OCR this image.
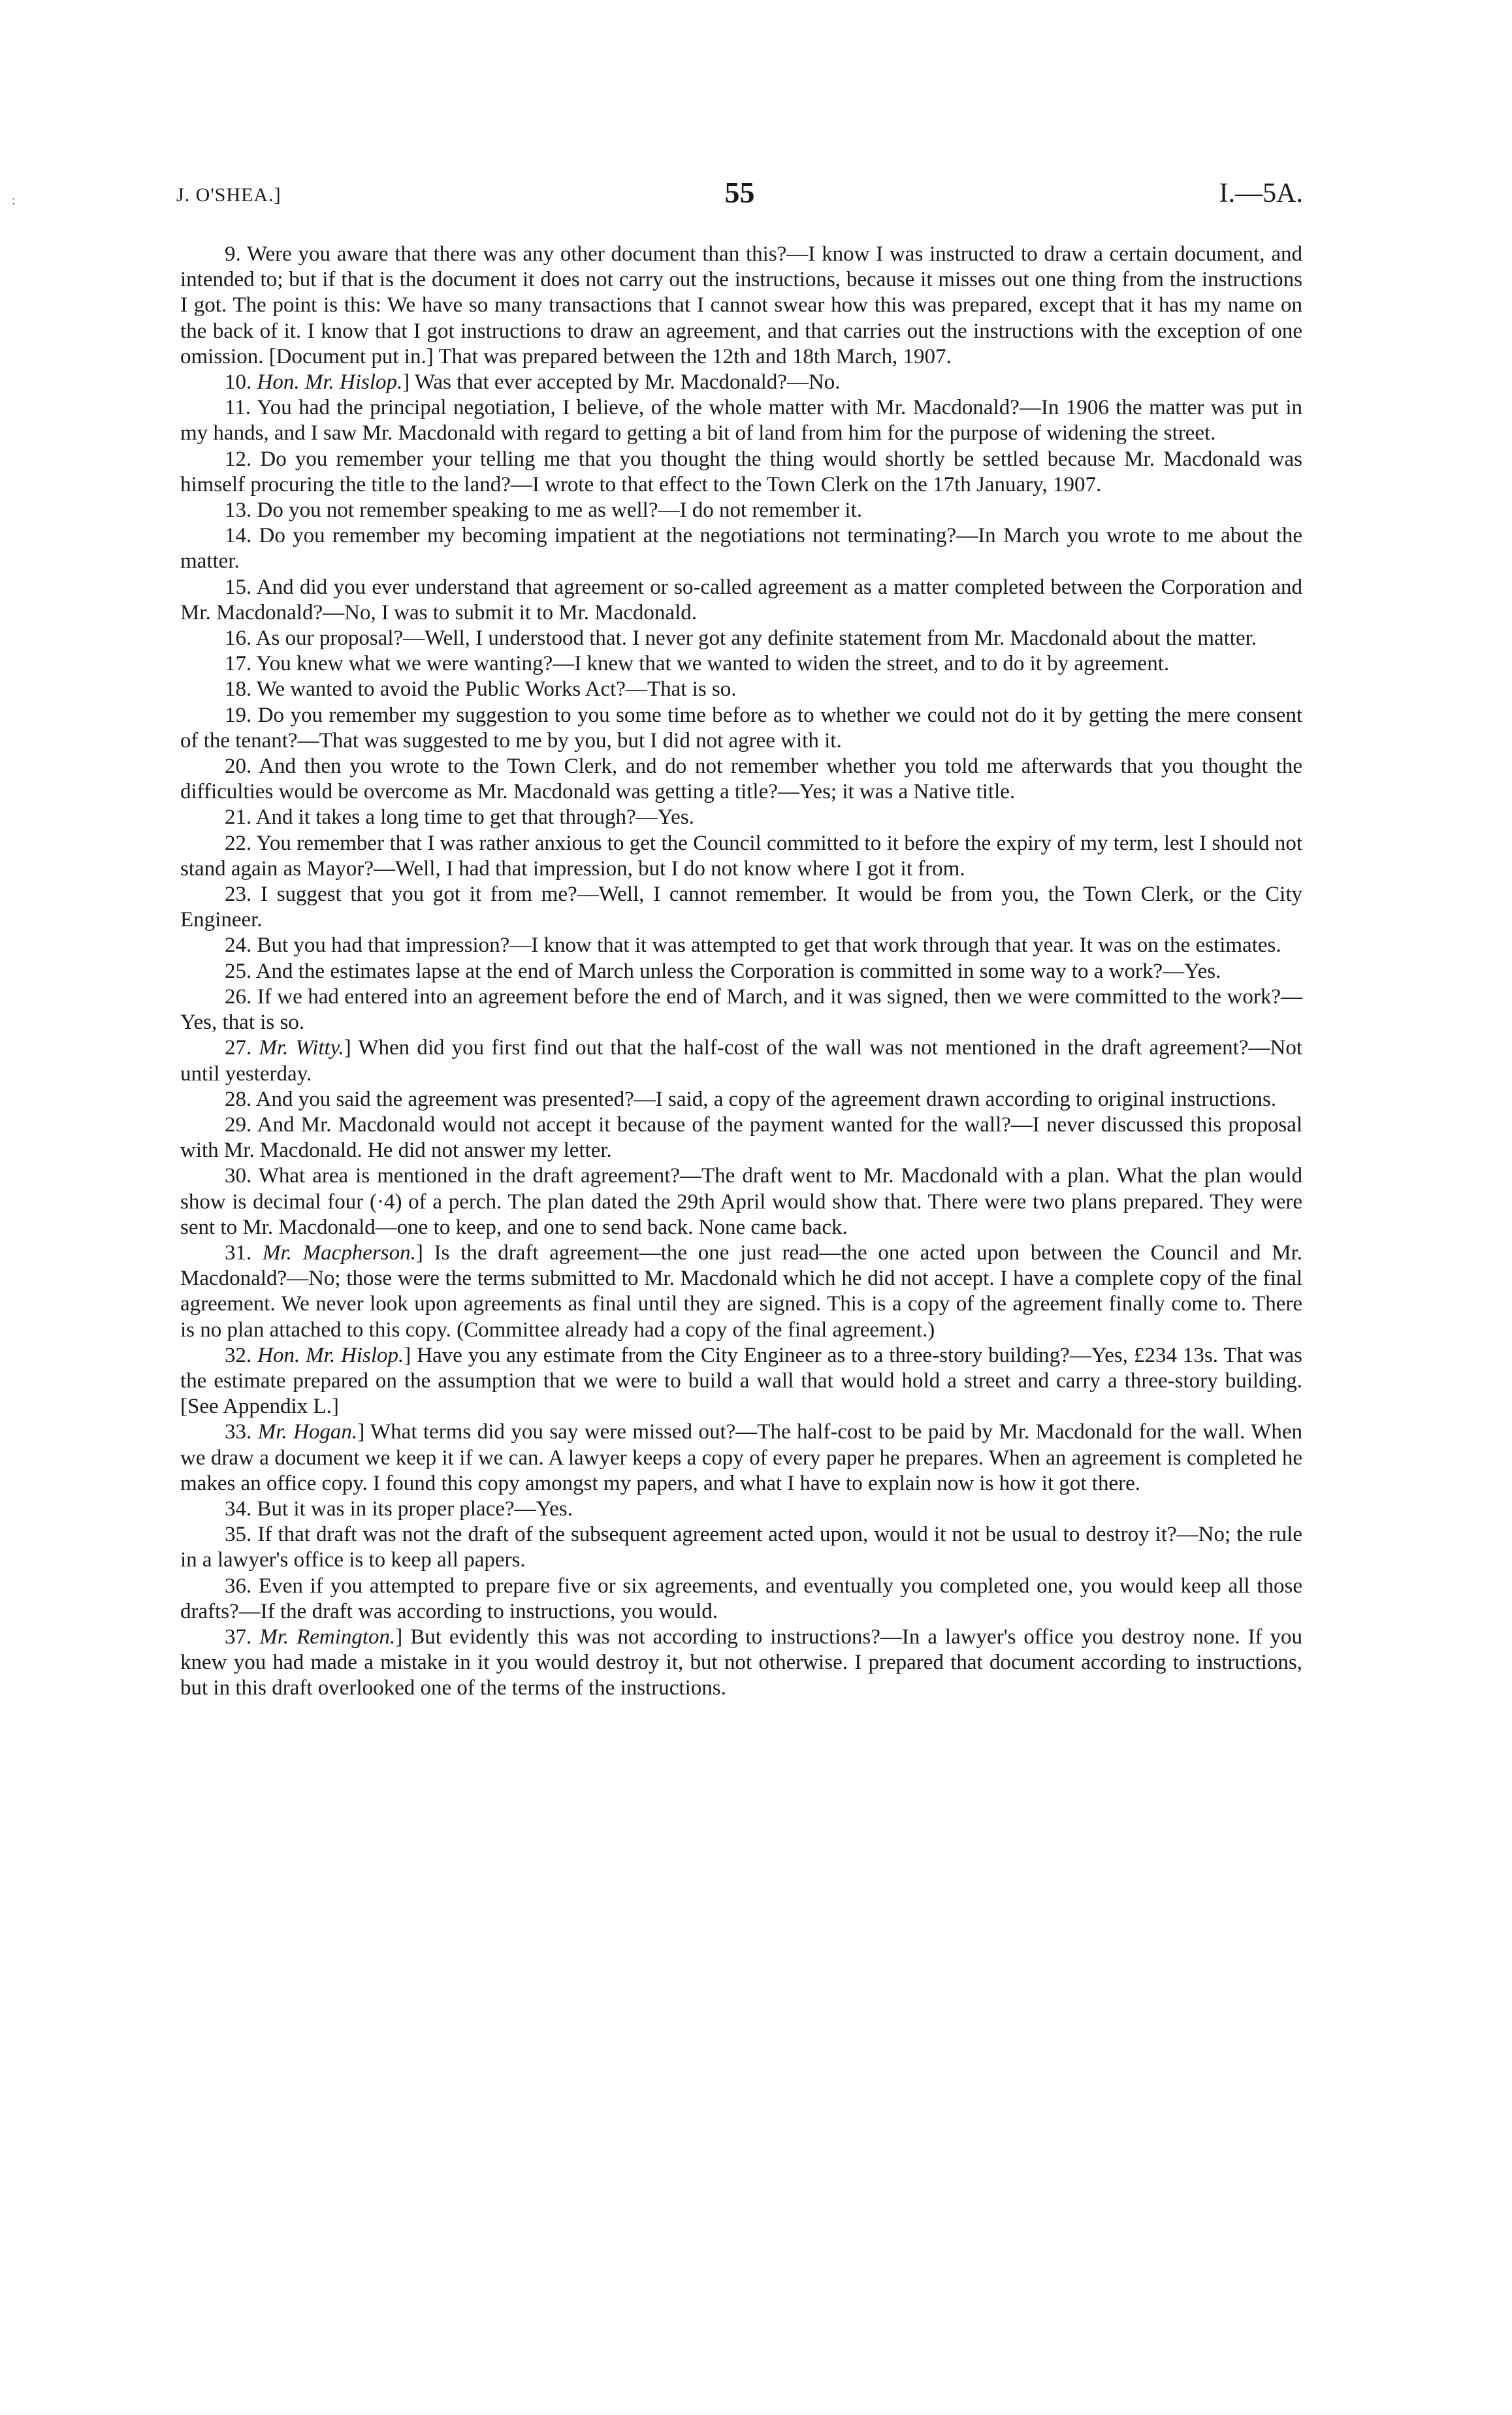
:	J. O'SHEA.]	55	I.—5A.

9. Were you aware that there was any other document than this?—I know I was instructed to draw a certain document, and intended to; but if that is the document it does not carry out the instructions, because it misses out one thing from the instructions I got. The point is this: We have so many transactions that I cannot swear how this was prepared, except that it has my name on the back of it. I know that I got instructions to draw an agreement, and that carries out the instructions with the exception of one omission. [Document put in.] That was prepared between the 12th and 18th March, 1907.

10. Hon. Mr. Hislop.] Was that ever accepted by Mr. Macdonald?—No.

11. You had the principal negotiation, I believe, of the whole matter with Mr. Macdonald?—In 1906 the matter was put in my hands, and I saw Mr. Macdonald with regard to getting a bit of land from him for the purpose of widening the street.

12. Do you remember your telling me that you thought the thing would shortly be settled because Mr. Macdonald was himself procuring the title to the land?—I wrote to that effect to the Town Clerk on the 17th January, 1907.

13. Do you not remember speaking to me as well?—I do not remember it.

14. Do you remember my becoming impatient at the negotiations not terminating?—In March you wrote to me about the matter.

15. And did you ever understand that agreement or so-called agreement as a matter completed between the Corporation and Mr. Macdonald?—No, I was to submit it to Mr. Macdonald.

16. As our proposal?—Well, I understood that. I never got any definite statement from Mr. Macdonald about the matter.

17. You knew what we were wanting?—I knew that we wanted to widen the street, and to do it by agreement.

18. We wanted to avoid the Public Works Act?—That is so.

19. Do you remember my suggestion to you some time before as to whether we could not do it by getting the mere consent of the tenant?—That was suggested to me by you, but I did not agree with it.

20. And then you wrote to the Town Clerk, and do not remember whether you told me afterwards that you thought the difficulties would be overcome as Mr. Macdonald was getting a title?—Yes; it was a Native title.

21. And it takes a long time to get that through?—Yes.

22. You remember that I was rather anxious to get the Council committed to it before the expiry of my term, lest I should not stand again as Mayor?—Well, I had that impression, but I do not know where I got it from.

23. I suggest that you got it from me?—Well, I cannot remember. It would be from you, the Town Clerk, or the City Engineer.

24. But you had that impression?—I know that it was attempted to get that work through that year. It was on the estimates.

25. And the estimates lapse at the end of March unless the Corporation is committed in some way to a work?—Yes.

26. If we had entered into an agreement before the end of March, and it was signed, then we were committed to the work?—Yes, that is so.

27. Mr. Witty.] When did you first find out that the half-cost of the wall was not mentioned in the draft agreement?—Not until yesterday.

28. And you said the agreement was presented?—I said, a copy of the agreement drawn according to original instructions.

29. And Mr. Macdonald would not accept it because of the payment wanted for the wall?—I never discussed this proposal with Mr. Macdonald. He did not answer my letter.

30. What area is mentioned in the draft agreement?—The draft went to Mr. Macdonald with a plan. What the plan would show is decimal four (·4) of a perch. The plan dated the 29th April would show that. There were two plans prepared. They were sent to Mr. Macdonald—one to keep, and one to send back. None came back.

31. Mr. Macpherson.] Is the draft agreement—the one just read—the one acted upon between the Council and Mr. Macdonald?—No; those were the terms submitted to Mr. Macdonald which he did not accept. I have a complete copy of the final agreement. We never look upon agreements as final until they are signed. This is a copy of the agreement finally come to. There is no plan attached to this copy. (Committee already had a copy of the final agreement.)

32. Hon. Mr. Hislop.] Have you any estimate from the City Engineer as to a three-story building?—Yes, £234 13s. That was the estimate prepared on the assumption that we were to build a wall that would hold a street and carry a three-story building. [See Appendix L.]

33. Mr. Hogan.] What terms did you say were missed out?—The half-cost to be paid by Mr. Macdonald for the wall. When we draw a document we keep it if we can. A lawyer keeps a copy of every paper he prepares. When an agreement is completed he makes an office copy. I found this copy amongst my papers, and what I have to explain now is how it got there.

34. But it was in its proper place?—Yes.

35. If that draft was not the draft of the subsequent agreement acted upon, would it not be usual to destroy it?—No; the rule in a lawyer's office is to keep all papers.

36. Even if you attempted to prepare five or six agreements, and eventually you completed one, you would keep all those drafts?—If the draft was according to instructions, you would.

37. Mr. Remington.] But evidently this was not according to instructions?—In a lawyer's office you destroy none. If you knew you had made a mistake in it you would destroy it, but not otherwise. I prepared that document according to instructions, but in this draft overlooked one of the terms of the instructions.
